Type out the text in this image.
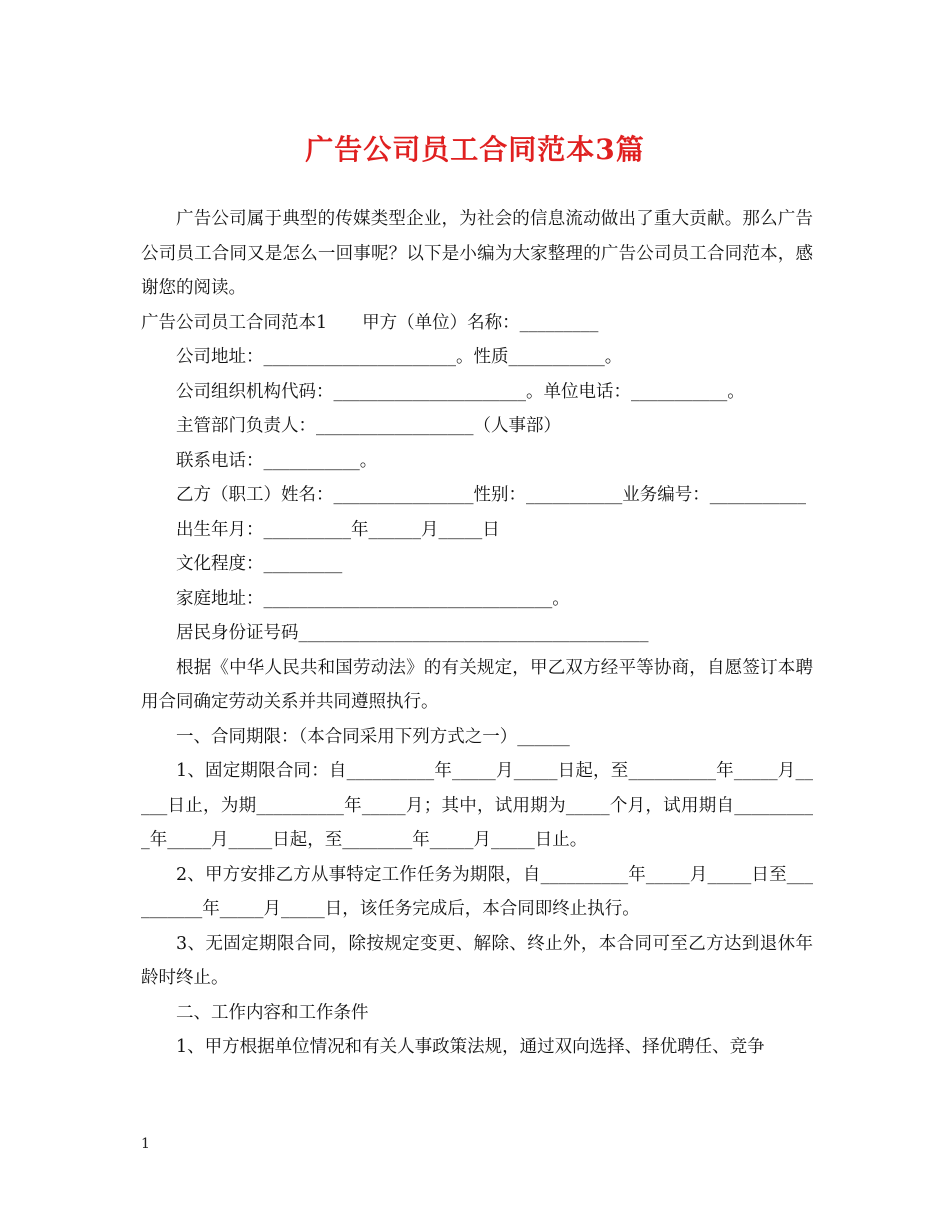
广告公司员工合同范本3篇

广告公司属于典型的传媒类型企业，为社会的信息流动做出了重大贡献。那么广告公司员工合同又是怎么一回事呢？以下是小编为大家整理的广告公司员工合同范本，感谢您的阅读。

广告公司员工合同范本1　　甲方（单位）名称：_________

公司地址：______________________。性质___________。

公司组织机构代码：______________________。单位电话：___________。

主管部门负责人：__________________（人事部）

联系电话：___________。

乙方（职工）姓名：________________性别：___________业务编号：___________

出生年月：__________年______月_____日

文化程度：_________

家庭地址：_________________________________。

居民身份证号码________________________________________

根据《中华人民共和国劳动法》的有关规定，甲乙双方经平等协商，自愿签订本聘用合同确定劳动关系并共同遵照执行。

一、合同期限：（本合同采用下列方式之一）______

1、固定期限合同：自__________年_____月_____日起，至__________年_____月_____日止，为期__________年_____月；其中，试用期为_____个月，试用期自__________年_____月_____日起，至________年_____月_____日止。

2、甲方安排乙方从事特定工作任务为期限，自__________年_____月_____日至__________年_____月_____日，该任务完成后，本合同即终止执行。

3、无固定期限合同，除按规定变更、解除、终止外，本合同可至乙方达到退休年龄时终止。

二、工作内容和工作条件

1、甲方根据单位情况和有关人事政策法规，通过双向选择、择优聘任、竞争

1
